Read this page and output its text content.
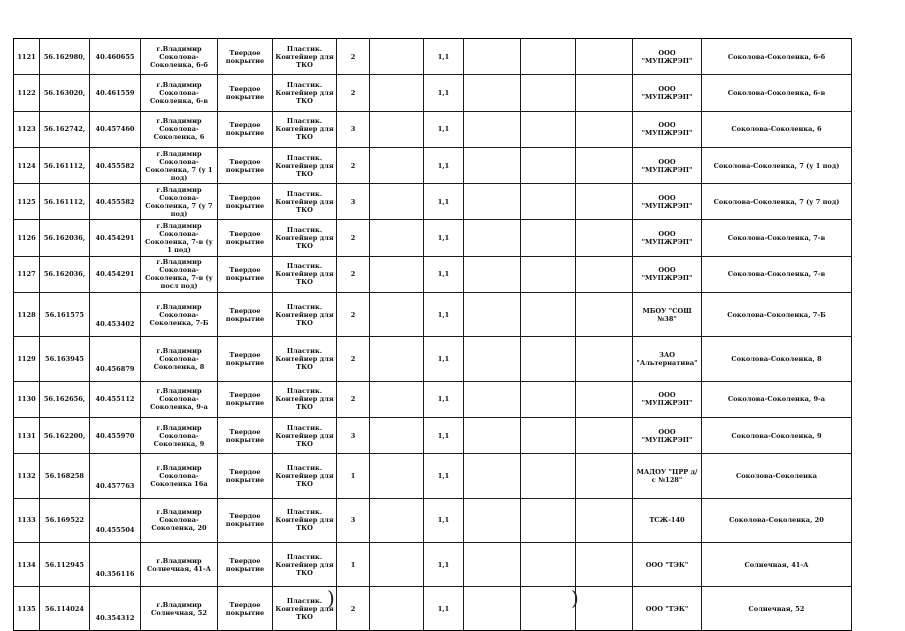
1121	56.162980,	40.460655	г.Владимир Соколова-Соколенка, 6-б	Твердое покрытие	Пластик. Контейнер для ТКО	2		1,1				ООО "МУПЖРЭП"	Соколова-Соколенка, 6-б
1122	56.163020,	40.461559	г.Владимир Соколова-Соколенка, 6-в	Твердое покрытие	Пластик. Контейнер для ТКО	2		1,1				ООО "МУПЖРЭП"	Соколова-Соколенка, 6-в
1123	56.162742,	40.457460	г.Владимир Соколова-Соколенка, 6	Твердое покрытие	Пластик. Контейнер для ТКО	3		1,1				ООО "МУПЖРЭП"	Соколова-Соколенка, 6
1124	56.161112,	40.455582	г.Владимир Соколова-Соколенка, 7 (у 1 под)	Твердое покрытие	Пластик. Контейнер для ТКО	2		1,1				ООО "МУПЖРЭП"	Соколова-Соколенка, 7 (у 1 под)
1125	56.161112,	40.455582	г.Владимир Соколова-Соколенка, 7 (у 7 под)	Твердое покрытие	Пластик. Контейнер для ТКО	3		1,1				ООО "МУПЖРЭП"	Соколова-Соколенка, 7 (у 7 под)
1126	56.162036,	40.454291	г.Владимир Соколова-Соколенка, 7-в (у 1 под)	Твердое покрытие	Пластик. Контейнер для ТКО	2		1,1				ООО "МУПЖРЭП"	Соколова-Соколенка, 7-в
1127	56.162036,	40.454291	г.Владимир Соколова-Соколенка, 7-в (у посл под)	Твердое покрытие	Пластик. Контейнер для ТКО	2		1,1				ООО "МУПЖРЭП"	Соколова-Соколенка, 7-в
1128	56.161575	40.453402	г.Владимир Соколова-Соколенка, 7-Б	Твердое покрытие	Пластик. Контейнер для ТКО	2		1,1				МБОУ "СОШ №38"	Соколова-Соколенка, 7-Б
1129	56.163945	40.456879	г.Владимир Соколова-Соколенка, 8	Твердое покрытие	Пластик. Контейнер для ТКО	2		1,1				ЗАО "Альтернатива"	Соколова-Соколенка, 8
1130	56.162656,	40.455112	г.Владимир Соколова-Соколенка, 9-а	Твердое покрытие	Пластик. Контейнер для ТКО	2		1,1				ООО "МУПЖРЭП"	Соколова-Соколенка, 9-а
1131	56.162200,	40.455970	г.Владимир Соколова-Соколенка, 9	Твердое покрытие	Пластик. Контейнер для ТКО	3		1,1				ООО "МУПЖРЭП"	Соколова-Соколенка, 9
1132	56.168258	40.457763	г.Владимир Соколова-Соколенка 16а	Твердое покрытие	Пластик. Контейнер для ТКО	1		1,1				МАДОУ "ЦРР д/с №128"	Соколова-Соколенка
1133	56.169522	40.455504	г.Владимир Соколова-Соколенка, 20	Твердое покрытие	Пластик. Контейнер для ТКО	3		1,1				ТСЖ-140	Соколова-Соколенка, 20
1134	56.112945	40.356116	г.Владимир Солнечная, 41-А	Твердое покрытие	Пластик. Контейнер для ТКО	1		1,1				ООО "ТЭК"	Солнечная, 41-А
1135	56.114024	40.354312	г.Владимир Солнечная, 52	Твердое покрытие	Пластик. Контейнер для ТКО	2		1,1				ООО "ТЭК"	Солнечная, 52
)	)
